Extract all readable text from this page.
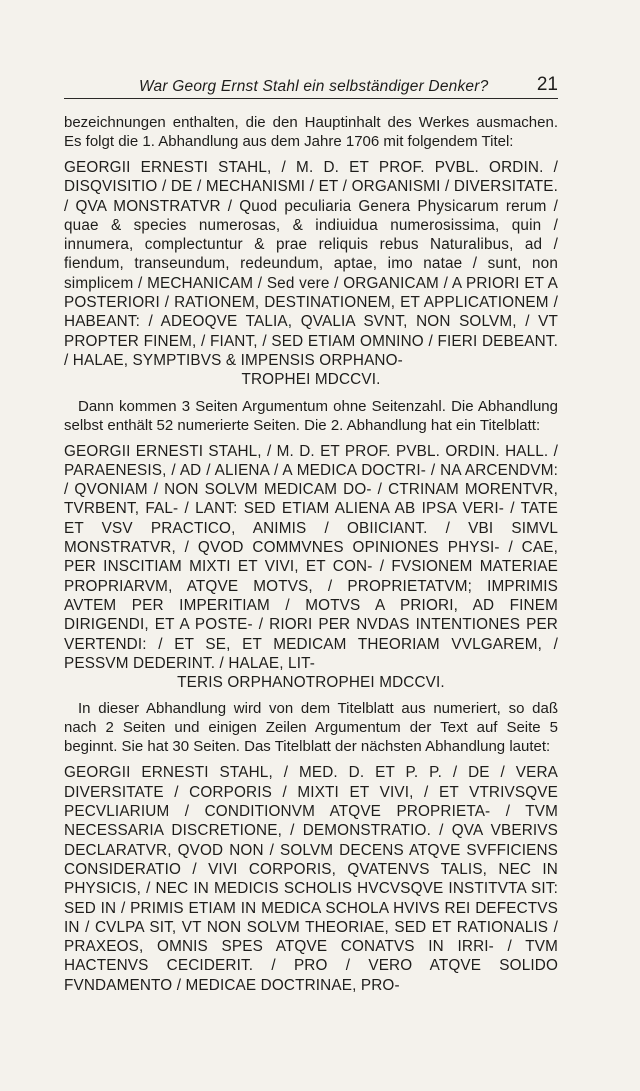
War Georg Ernst Stahl ein selbständiger Denker?	21

bezeichnungen enthalten, die den Hauptinhalt des Werkes ausmachen. Es folgt die 1. Abhandlung aus dem Jahre 1706 mit folgendem Titel:

GEORGII ERNESTI STAHL, / M. D. ET PROF. PVBL. ORDIN. / DISQVISITIO / DE / MECHANISMI / ET / ORGANISMI / DIVERSITATE. / QVA MONSTRATVR / Quod peculiaria Genera Physicarum rerum / quae & species numerosas, & indiuidua numerosissima, quin / innumera, complectuntur & prae reliquis rebus Naturalibus, ad / fiendum, transeundum, redeundum, aptae, imo natae / sunt, non simplicem / MECHANICAM / Sed vere / ORGANICAM / A PRIORI ET A POSTERIORI / RATIONEM, DESTINATIONEM, ET APPLICATIONEM / HABEANT: / ADEOQVE TALIA, QVALIA SVNT, NON SOLVM, / VT PROPTER FINEM, / FIANT, / SED ETIAM OMNINO / FIERI DEBEANT. / HALAE, SYMPTIBVS & IMPENSIS ORPHANO-

TROPHEI MDCCVI.

Dann kommen 3 Seiten Argumentum ohne Seitenzahl. Die Abhandlung selbst enthält 52 numerierte Seiten. Die 2. Abhandlung hat ein Titelblatt:

GEORGII ERNESTI STAHL, / M. D. ET PROF. PVBL. ORDIN. HALL. / PARAENESIS, / AD / ALIENA / A MEDICA DOCTRI- / NA ARCENDVM: / QVONIAM / NON SOLVM MEDICAM DO- / CTRINAM MORENTVR, TVRBENT, FAL- / LANT: SED ETIAM ALIENA AB IPSA VERI- / TATE ET VSV PRACTICO, ANIMIS / OBIICIANT. / VBI SIMVL MONSTRATVR, / QVOD COMMVNES OPINIONES PHYSI- / CAE, PER INSCITIAM MIXTI ET VIVI, ET CON- / FVSIONEM MATERIAE PROPRIARVM, ATQVE MOTVS, / PROPRIETATVM; IMPRIMIS AVTEM PER IMPERITIAM / MOTVS A PRIORI, AD FINEM DIRIGENDI, ET A POSTE- / RIORI PER NVDAS INTENTIONES PER VERTENDI: / ET SE, ET MEDICAM THEORIAM VVLGAREM, / PESSVM DEDERINT. / HALAE, LIT-

TERIS ORPHANOTROPHEI MDCCVI.

In dieser Abhandlung wird von dem Titelblatt aus numeriert, so daß nach 2 Seiten und einigen Zeilen Argumentum der Text auf Seite 5 beginnt. Sie hat 30 Seiten. Das Titelblatt der nächsten Abhandlung lautet:

GEORGII ERNESTI STAHL, / MED. D. ET P. P. / DE / VERA DIVERSITATE / CORPORIS / MIXTI ET VIVI, / ET VTRIVSQVE PECVLIARIUM / CONDITIONVM ATQVE PROPRIETA- / TVM NECESSARIA DISCRETIONE, / DEMONSTRATIO. / QVA VBERIVS DECLARATVR, QVOD NON / SOLVM DECENS ATQVE SVFFICIENS CONSIDERATIO / VIVI CORPORIS, QVATENVS TALIS, NEC IN PHYSICIS, / NEC IN MEDICIS SCHOLIS HVCVSQVE INSTITVTA SIT: SED IN / PRIMIS ETIAM IN MEDICA SCHOLA HVIVS REI DEFECTVS IN / CVLPA SIT, VT NON SOLVM THEORIAE, SED ET RATIONALIS / PRAXEOS, OMNIS SPES ATQVE CONATVS IN IRRI- / TVM HACTENVS CECIDERIT. / PRO / VERO ATQVE SOLIDO FVNDAMENTO / MEDICAE DOCTRINAE, PRO-
